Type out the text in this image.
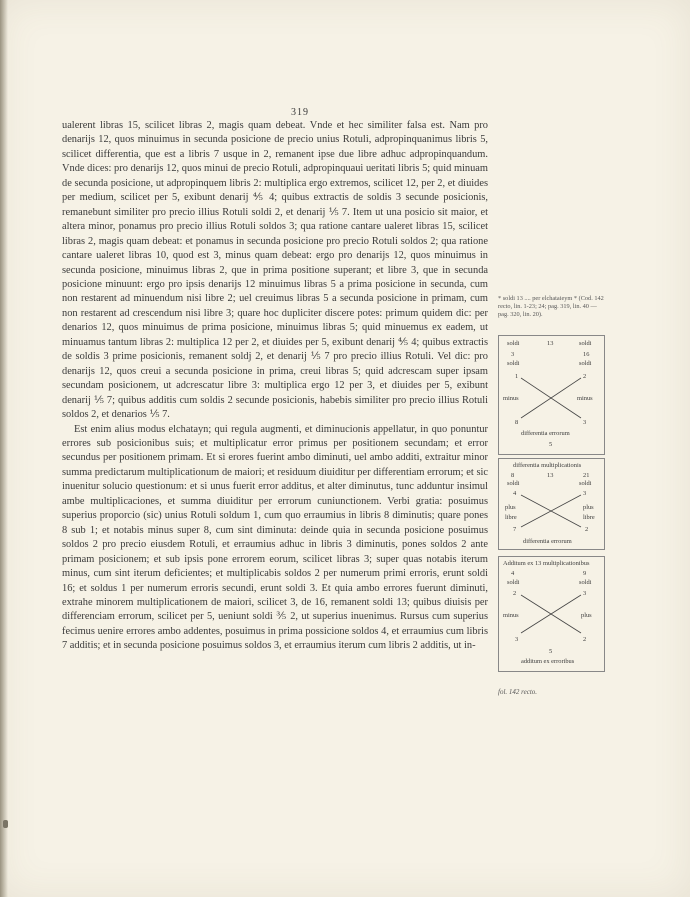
319

ualerent libras 15, scilicet libras 2, magis quam debeat. Vnde et hec similiter falsa est. Nam pro denarijs 12, quos minuimus in secunda posicione de precio unius Rotuli, adpropinquanimus libris 5, scilicet differentia, que est a libris 7 usque in 2, remanent ipse due libre adhuc adpropinquandum. Vnde dices: pro denarijs 12, quos minui de precio Rotuli, adpropinquaui ueritati libris 5; quid minuam de secunda posicione, ut adpropinquem libris 2: multiplica ergo extremos, scilicet 12, per 2, et diuides per medium, scilicet per 5, exibunt denarij ⅘ 4; quibus extractis de soldis 3 secunde posicionis, remanebunt similiter pro precio illius Rotuli soldi 2, et denarij ⅕ 7. Item ut una posicio sit maior, et altera minor, ponamus pro precio illius Rotuli soldos 3; qua ratione cantare ualeret libras 15, scilicet libras 2, magis quam debeat: et ponamus in secunda posicione pro precio Rotuli soldos 2; qua ratione cantare ualeret libras 10, quod est 3, minus quam debeat: ergo pro denarijs 12, quos minuimus in secunda posicione, minuimus libras 2, que in prima positione superant; et libre 3, que in secunda posicione minuunt: ergo pro ipsis denarijs 12 minuimus libras 5 a prima posicione in secunda, cum non restarent ad minuendum nisi libre 2; uel creuimus libras 5 a secunda posicione in primam, cum non restarent ad crescendum nisi libre 3; quare hoc dupliciter discere potes: primum quidem dic: per denarios 12, quos minuimus de prima posicione, minuimus libras 5; quid minuemus ex eadem, ut minuamus tantum libras 2: multiplica 12 per 2, et diuides per 5, exibunt denarij ⅘ 4; quibus extractis de soldis 3 prime posicionis, remanent soldj 2, et denarij ⅕ 7 pro precio illius Rotuli. Vel dic: pro denarijs 12, quos creui a secunda posicione in prima, creui libras 5; quid adcrescam super ipsam secundam posicionem, ut adcrescatur libre 3: multiplica ergo 12 per 3, et diuides per 5, exibunt denarij ⅕ 7; quibus additis cum soldis 2 secunde posicionis, habebis similiter pro precio illius Rotuli soldos 2, et denarios ⅕ 7.

Est enim alius modus elchatayn; qui regula augmenti, et diminucionis appellatur, in quo ponuntur errores sub posicionibus suis; et multiplicatur error primus per positionem secundam; et error secundus per positionem primam. Et si erores fuerint ambo diminuti, uel ambo additi, extraitur minor summa predictarum multiplicationum de maiori; et residuum diuiditur per differentiam errorum; et sic inuenitur solucio questionum: et si unus fuerit error additus, et alter diminutus, tunc adduntur insimul ambe multiplicaciones, et summa diuiditur per errorum cuniunctionem. Verbi gratia: posuimus superius proporcio (sic) unius Rotuli soldum 1, cum quo erraumius in libris 8 diminutis; quare pones 8 sub 1; et notabis minus super 8, cum sint diminuta: deinde quia in secunda posicione posuimus soldos 2 pro precio eiusdem Rotuli, et erraumius adhuc in libris 3 diminutis, pones soldos 2 ante primam posicionem; et sub ipsis pone errorem eorum, scilicet libras 3; super quas notabis iterum minus, cum sint iterum deficientes; et multiplicabis soldos 2 per numerum primi erroris, erunt soldi 16; et soldus 1 per numerum erroris secundi, erunt soldi 3. Et quia ambo errores fuerunt diminuti, extrahe minorem multiplicationem de maiori, scilicet 3, de 16, remanent soldi 13; quibus diuisis per differenciam errorum, scilicet per 5, ueniunt soldi ⅗ 2, ut superius inuenimus. Rursus cum superius fecimus uenire errores ambo addentes, posuimus in prima possicione soldos 4, et erraumius cum libris 7 additis; et in secunda posicione posuimus soldos 3, et erraumius iterum cum libris 2 additis, ut in-

* soldi 13 .... per elchataieym * (Cod. 142 recto, lin. 1-23; 24; pag. 319, lin. 40 — pag. 320, lin. 20).
soldi	13	soldi
3	16
soldi	soldi
1	2
minus	minus
8	3
differentia errorum
5
differentia multiplicationis
8	13	21
soldi	soldi
4	3
plus	plus
libre	libre
7	2
differentia errorum
Additum ex 13 multiplicationibus
4	9
soldi	soldi
2	3
minus	plus
3	2
5
additum ex erroribus
fol. 142 recto.
